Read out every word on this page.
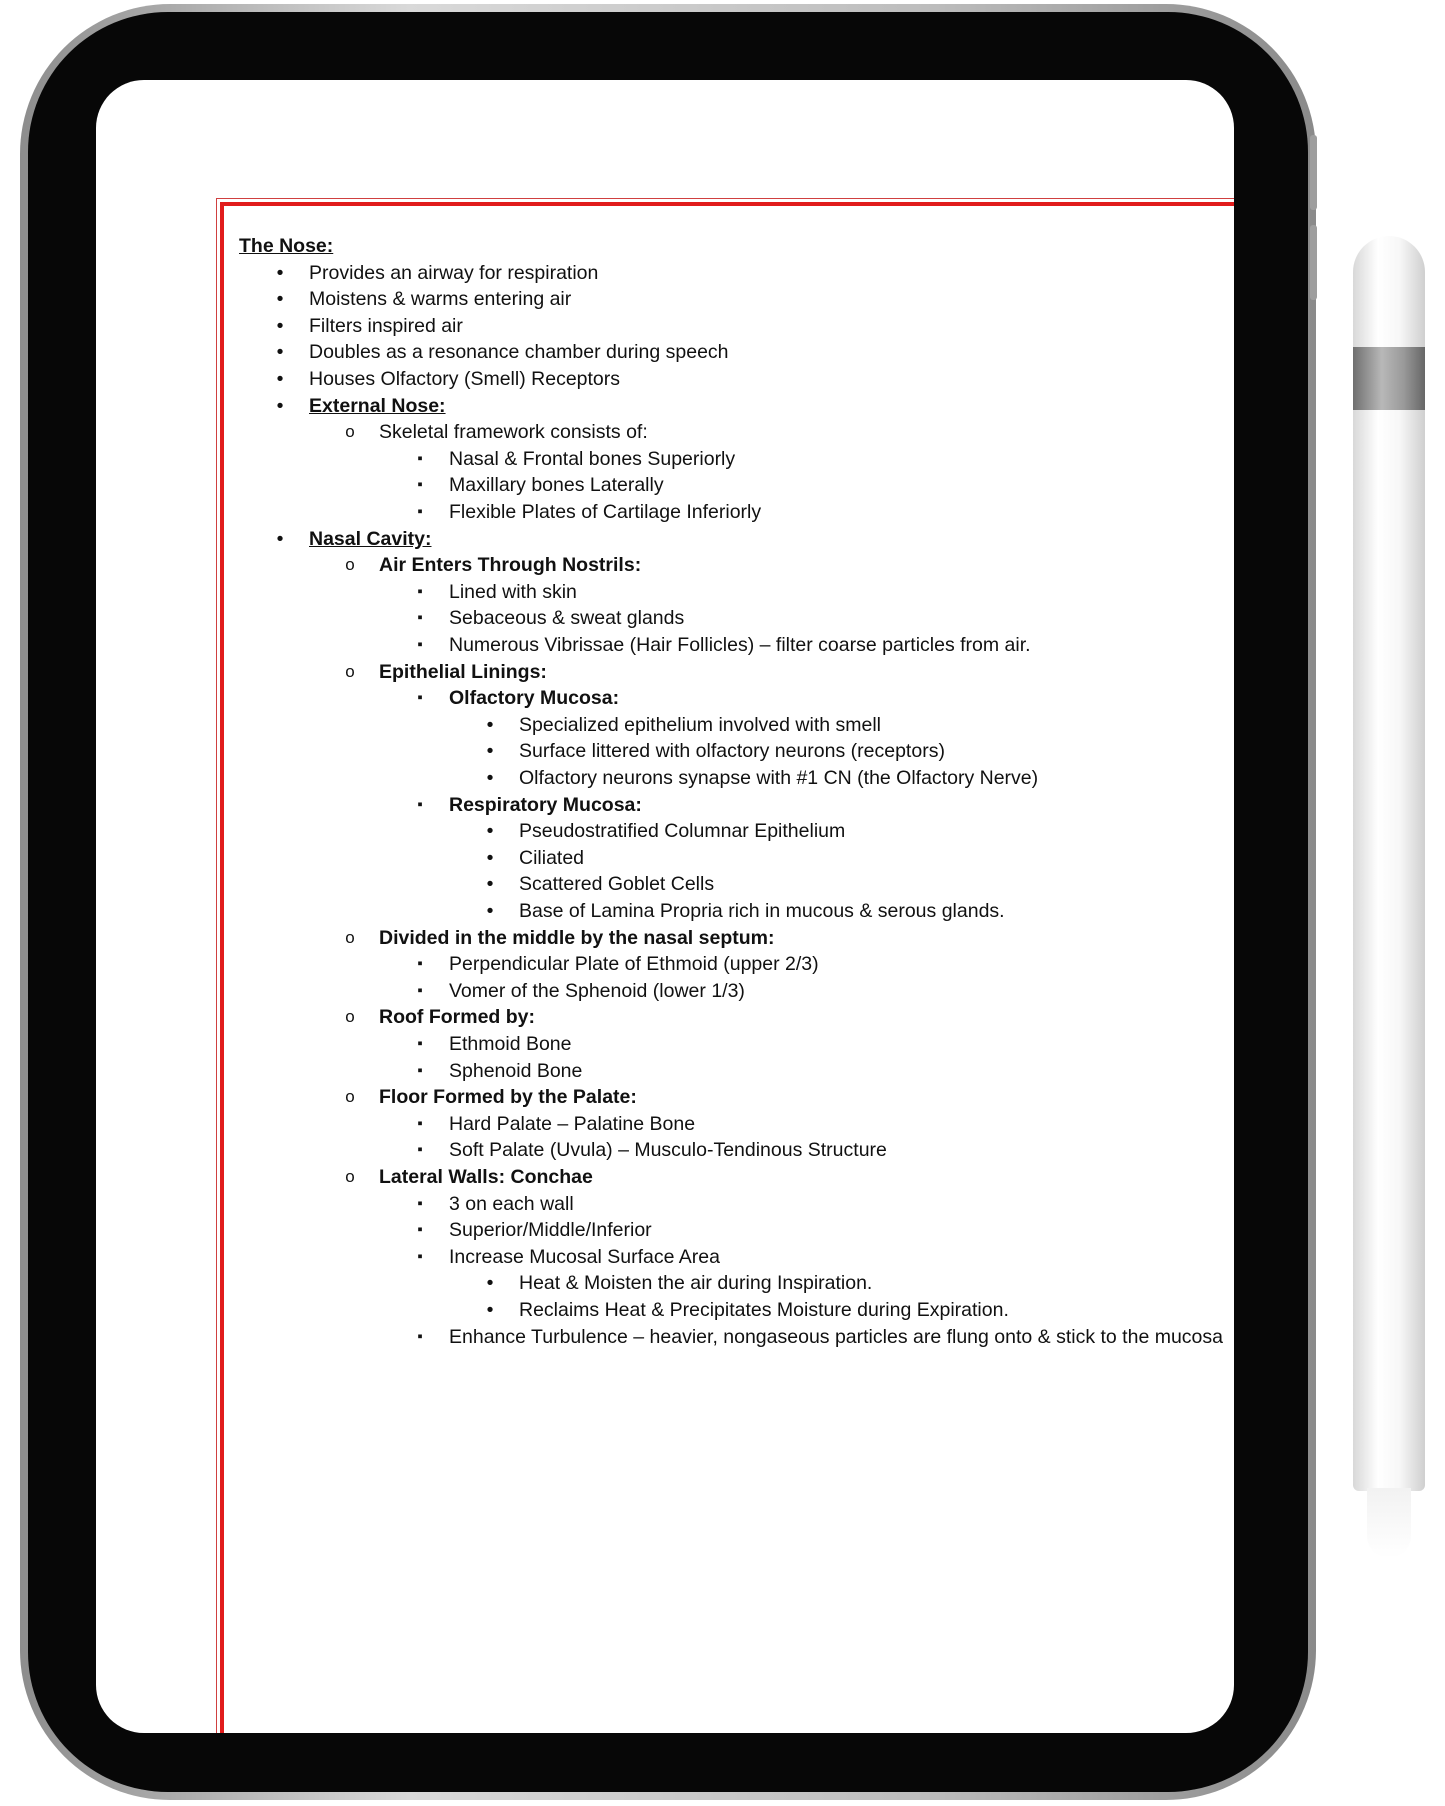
The Nose:
•	Provides an airway for respiration
•	Moistens & warms entering air
•	Filters inspired air
•	Doubles as a resonance chamber during speech
•	Houses Olfactory (Smell) Receptors
•	External Nose:
o	Skeletal framework consists of:
▪	Nasal & Frontal bones Superiorly
▪	Maxillary bones Laterally
▪	Flexible Plates of Cartilage Inferiorly
•	Nasal Cavity:
o	Air Enters Through Nostrils:
▪	Lined with skin
▪	Sebaceous & sweat glands
▪	Numerous Vibrissae (Hair Follicles) – filter coarse particles from air.
o	Epithelial Linings:
▪	Olfactory Mucosa:
•	Specialized epithelium involved with smell
•	Surface littered with olfactory neurons (receptors)
•	Olfactory neurons synapse with #1 CN (the Olfactory Nerve)
▪	Respiratory Mucosa:
•	Pseudostratified Columnar Epithelium
•	Ciliated
•	Scattered Goblet Cells
•	Base of Lamina Propria rich in mucous & serous glands.
o	Divided in the middle by the nasal septum:
▪	Perpendicular Plate of Ethmoid (upper 2/3)
▪	Vomer of the Sphenoid (lower 1/3)
o	Roof Formed by:
▪	Ethmoid Bone
▪	Sphenoid Bone
o	Floor Formed by the Palate:
▪	Hard Palate – Palatine Bone
▪	Soft Palate (Uvula) – Musculo-Tendinous Structure
o	Lateral Walls: Conchae
▪	3 on each wall
▪	Superior/Middle/Inferior
▪	Increase Mucosal Surface Area
•	Heat & Moisten the air during Inspiration.
•	Reclaims Heat & Precipitates Moisture during Expiration.
▪	Enhance Turbulence – heavier, nongaseous particles are flung onto & stick to the mucosa
